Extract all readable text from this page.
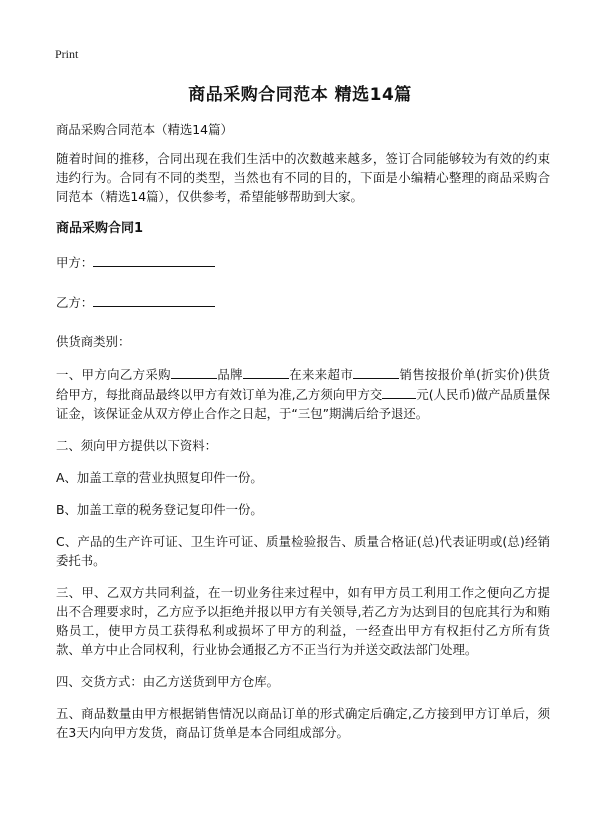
Print
商品采购合同范本 精选14篇

商品采购合同范本（精选14篇）

随着时间的推移，合同出现在我们生活中的次数越来越多，签订合同能够较为有效的约束违约行为。合同有不同的类型，当然也有不同的目的，下面是小编精心整理的商品采购合同范本（精选14篇），仅供参考，希望能够帮助到大家。

商品采购合同1

甲方：

乙方：

供货商类别：

一、甲方向乙方采购	品牌	在来来超市	销售按报价单(折实价)供货给甲方，每批商品最终以甲方有效订单为准,乙方须向甲方交	元(人民币)做产品质量保证金，该保证金从双方停止合作之日起，于“三包”期满后给予退还。

二、须向甲方提供以下资料：

A、加盖工章的营业执照复印件一份。

B、加盖工章的税务登记复印件一份。

C、产品的生产许可证、卫生许可证、质量检验报告、质量合格证(总)代表证明或(总)经销委托书。

三、甲、乙双方共同利益，在一切业务往来过程中，如有甲方员工利用工作之便向乙方提出不合理要求时，乙方应予以拒绝并报以甲方有关领导,若乙方为达到目的包庇其行为和贿赂员工，使甲方员工获得私利或损坏了甲方的利益，一经查出甲方有权拒付乙方所有货款、单方中止合同权利，行业协会通报乙方不正当行为并送交政法部门处理。

四、交货方式：由乙方送货到甲方仓库。

五、商品数量由甲方根据销售情况以商品订单的形式确定后确定,乙方接到甲方订单后，须在3天内向甲方发货，商品订货单是本合同组成部分。
